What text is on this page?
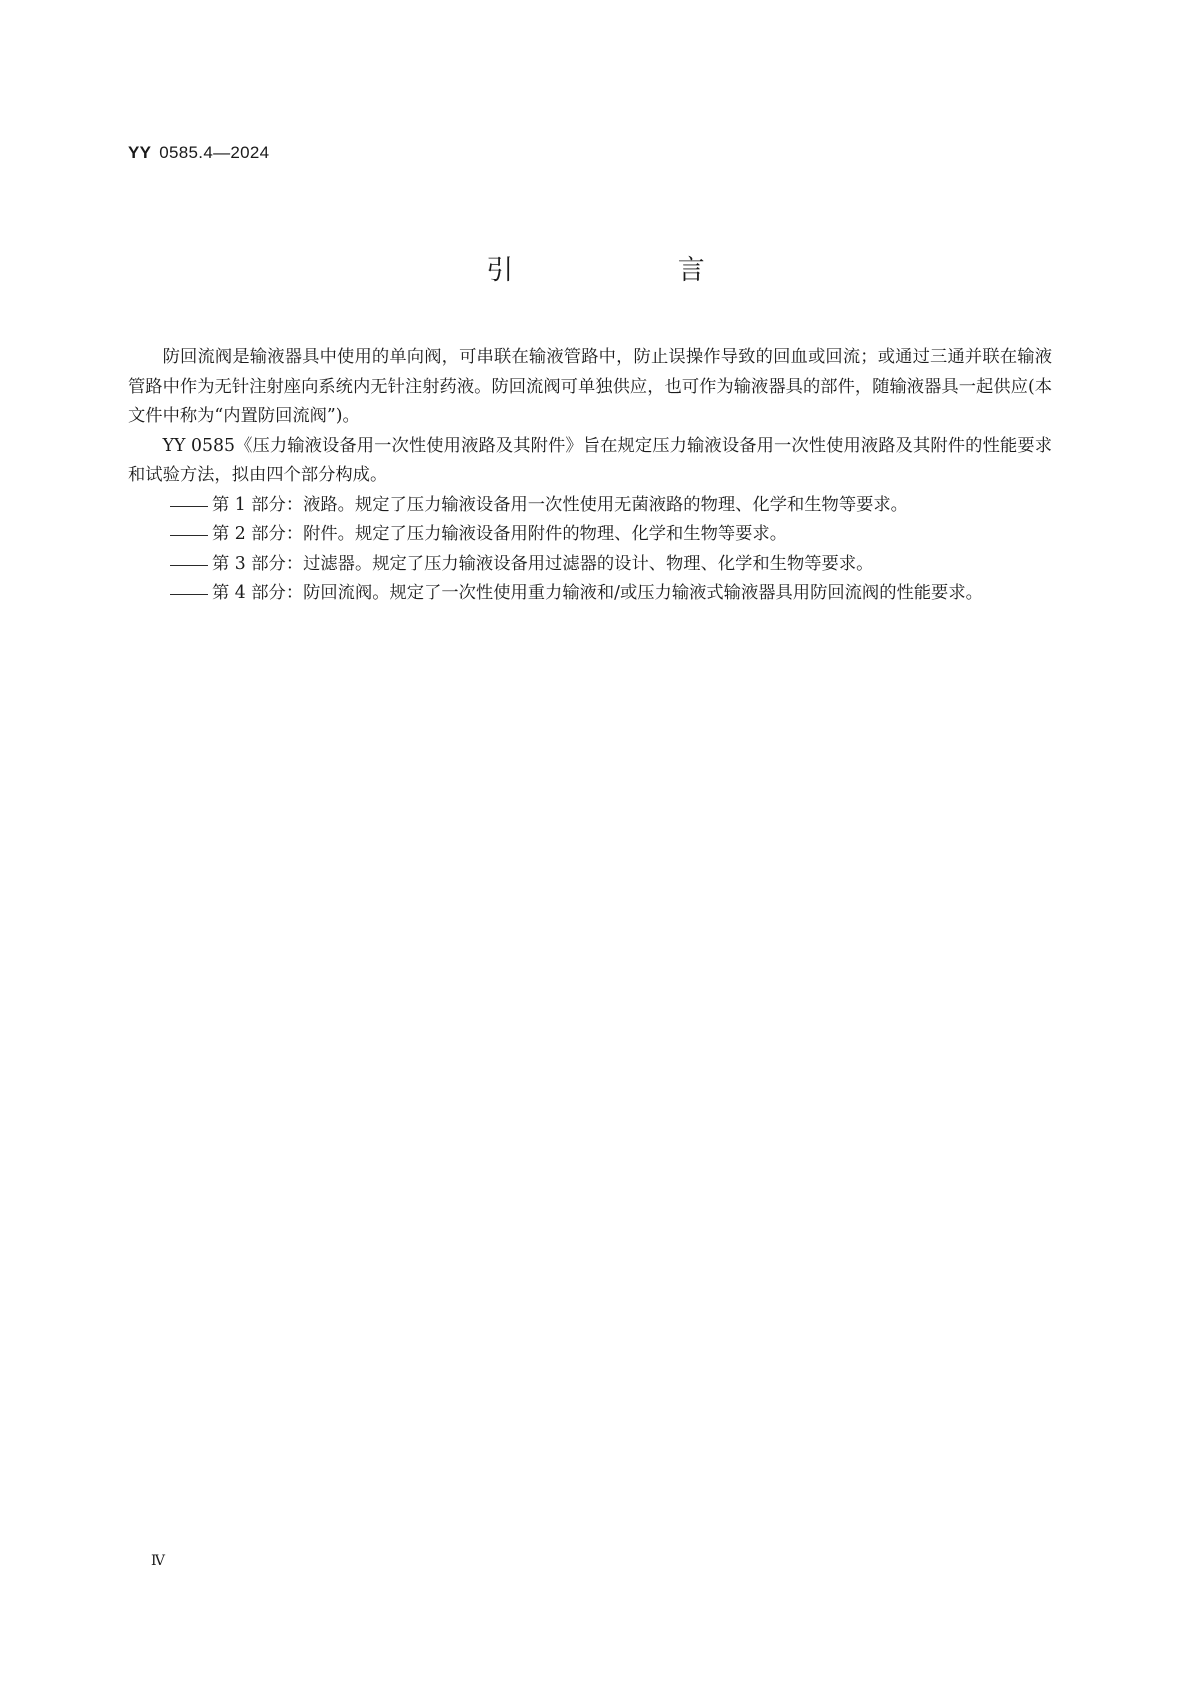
YY 0585.4—2024
引 言

防回流阀是输液器具中使用的单向阀，可串联在输液管路中，防止误操作导致的回血或回流；或通过三通并联在输液管路中作为无针注射座向系统内无针注射药液。防回流阀可单独供应，也可作为输液器具的部件，随输液器具一起供应(本文件中称为“内置防回流阀”)。

YY 0585《压力输液设备用一次性使用液路及其附件》旨在规定压力输液设备用一次性使用液路及其附件的性能要求和试验方法，拟由四个部分构成。

第 1 部分：液路。规定了压力输液设备用一次性使用无菌液路的物理、化学和生物等要求。
第 2 部分：附件。规定了压力输液设备用附件的物理、化学和生物等要求。
第 3 部分：过滤器。规定了压力输液设备用过滤器的设计、物理、化学和生物等要求。
第 4 部分：防回流阀。规定了一次性使用重力输液和/或压力输液式输液器具用防回流阀的性能要求。
Ⅳ
